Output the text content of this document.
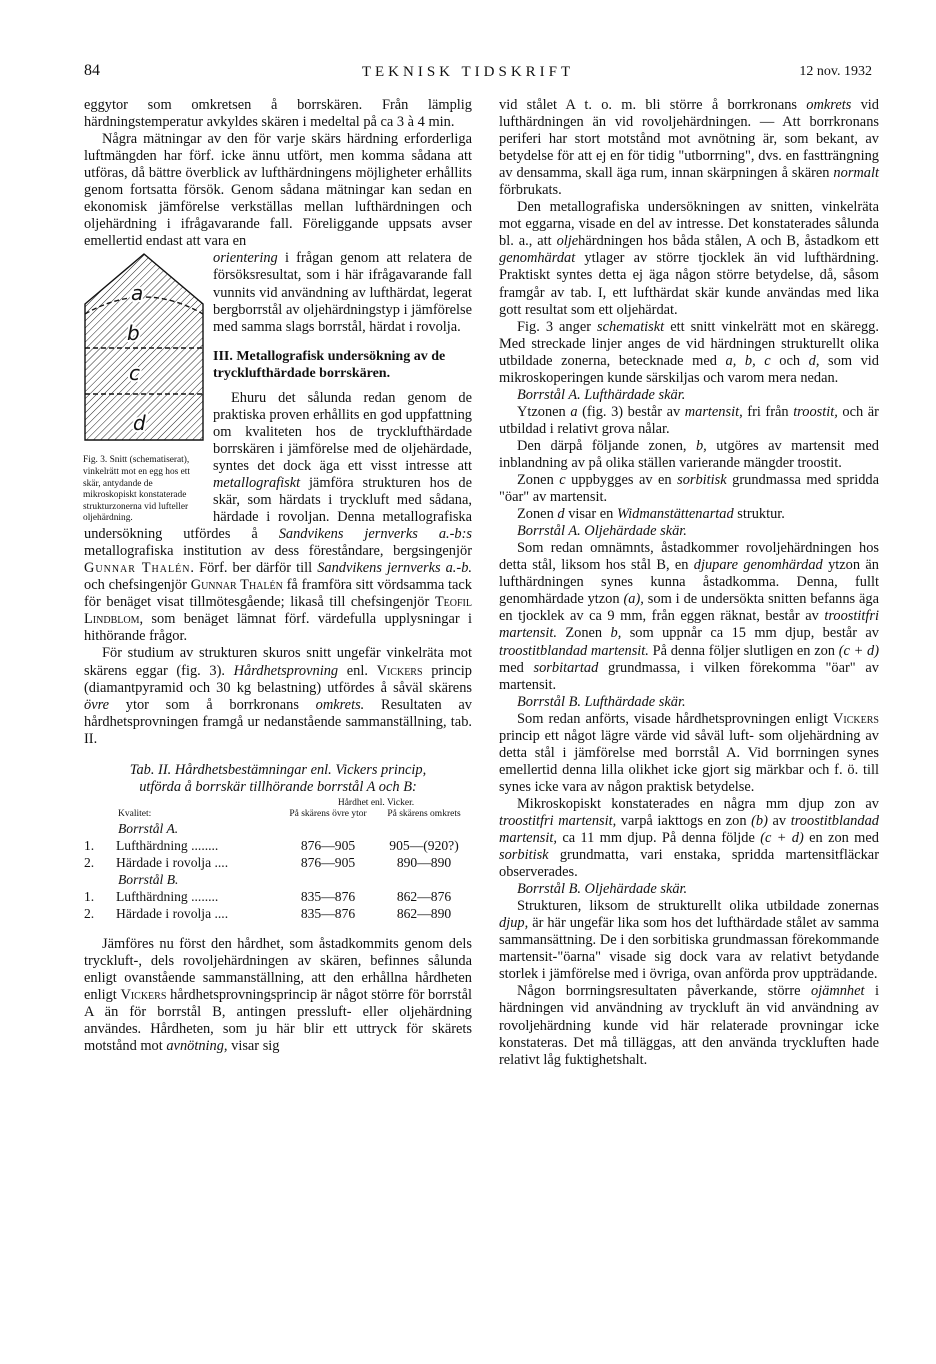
84	TEKNISK TIDSKRIFT	12 nov. 1932

eggytor som omkretsen å borrskären. Från lämplig härdningstemperatur avkyldes skären i medeltal på ca 3 à 4 min.

Några mätningar av den för varje skärs härdning erforderliga luftmängden har förf. icke ännu utfört, men komma sådana att utföras, då bättre överblick av lufthärdningens möjligheter erhållits genom fortsatta försök. Genom sådana mätningar kan sedan en ekonomisk jämförelse verkställas mellan lufthärdningen och oljehärdning i ifrågavarande fall. Föreliggande uppsats avser emellertid endast att vara en

a
b
c
d
Fig. 3. Snitt (schematiserat), vinkelrätt mot en egg hos ett skär, antydande de mikroskopiskt konstaterade strukturzonerna vid lufteller oljehärdning.
orientering i frågan genom att relatera de försöksresultat, som i här ifrågavarande fall vunnits vid användning av lufthärdat, legerat bergborrstål av oljehärdningstyp i jämförelse med samma slags borrstål, härdat i rovolja.

III. Metallografisk undersökning av de trycklufthärdade borrskären.

Ehuru det sålunda redan genom de praktiska proven erhållits en god uppfattning om kvaliteten hos de trycklufthärdade borrskären i jämförelse med de oljehärdade, syntes det dock äga ett visst intresse att metallografiskt jämföra strukturen hos de skär, som härdats i tryckluft med sådana, härdade i rovoljan. Denna metallografiska undersökning utfördes å Sandvikens jernverks a.-b:s metallografiska institution av dess föreståndare, bergsingenjör Gunnar Thalén. Förf. ber därför till Sandvikens jernverks a.-b. och chefsingenjör Gunnar Thalén få framföra sitt vördsamma tack för benäget visat tillmötesgående; likaså till chefsingenjör Teofil Lindblom, som benäget lämnat förf. värdefulla upplysningar i hithörande frågor.

För studium av strukturen skuros snitt ungefär vinkelräta mot skärens eggar (fig. 3). Hårdhetsprovning enl. Vickers princip (diamantpyramid och 30 kg belastning) utfördes å såväl skärens övre ytor som å borrkronans omkrets. Resultaten av hårdhetsprovningen framgå ur nedanstående sammanställning, tab. II.

Tab. II. Hårdhetsbestämningar enl. Vickers princip,
utförda å borrskär tillhörande borrstål A och B:

		Hårdhet enl. Vicker.	
Kvalitet:		På skärens övre ytor	På skärens omkrets
	Borrstål A.		
1.	Lufthärdning ........	876—905	905—(920?)
2.	Härdade i rovolja ....	876—905	890—890
	Borrstål B.		
1.	Lufthärdning ........	835—876	862—876
2.	Härdade i rovolja ....	835—876	862—890

Jämföres nu först den hårdhet, som åstadkommits genom dels tryckluft-, dels rovoljehärdningen av skären, befinnes sålunda enligt ovanstående sammanställning, att den erhållna hårdheten enligt Vickers hårdhetsprovningsprincip är något större för borrstål A än för borrstål B, antingen pressluft- eller oljehärdning användes. Hårdheten, som ju här blir ett uttryck för skärets motstånd mot avnötning, visar sig

vid stålet A t. o. m. bli större å borrkronans omkrets vid lufthärdningen än vid rovoljehärdningen. — Att borrkronans periferi har stort motstånd mot avnötning är, som bekant, av betydelse för att ej en för tidig "utborrning", dvs. en fastträngning av densamma, skall äga rum, innan skärpningen å skären normalt förbrukats.

Den metallografiska undersökningen av snitten, vinkelräta mot eggarna, visade en del av intresse. Det konstaterades sålunda bl. a., att oljehärdningen hos båda stålen, A och B, åstadkom ett genomhärdat ytlager av större tjocklek än vid lufthärdning. Praktiskt syntes detta ej äga någon större betydelse, då, såsom framgår av tab. I, ett lufthärdat skär kunde användas med lika gott resultat som ett oljehärdat.

Fig. 3 anger schematiskt ett snitt vinkelrätt mot en skäregg. Med streckade linjer anges de vid härdningen strukturellt olika utbildade zonerna, betecknade med a, b, c och d, som vid mikroskoperingen kunde särskiljas och varom mera nedan.

Borrstål A. Lufthärdade skär.

Ytzonen a (fig. 3) består av martensit, fri från troostit, och är utbildad i relativt grova nålar.

Den därpå följande zonen, b, utgöres av martensit med inblandning av på olika ställen varierande mängder troostit.

Zonen c uppbygges av en sorbitisk grundmassa med spridda "öar" av martensit.

Zonen d visar en Widmanstättenartad struktur.

Borrstål A. Oljehärdade skär.

Som redan omnämnts, åstadkommer rovoljehärdningen hos detta stål, liksom hos stål B, en djupare genomhärdad ytzon än lufthärdningen synes kunna åstadkomma. Denna, fullt genomhärdade ytzon (a), som i de undersökta snitten befanns äga en tjocklek av ca 9 mm, från eggen räknat, består av troostitfri martensit. Zonen b, som uppnår ca 15 mm djup, består av troostitblandad martensit. På denna följer slutligen en zon (c + d) med sorbitartad grundmassa, i vilken förekomma "öar" av martensit.

Borrstål B. Lufthärdade skär.

Som redan anförts, visade hårdhetsprovningen enligt Vickers princip ett något lägre värde vid såväl luft- som oljehärdning av detta stål i jämförelse med borrstål A. Vid borrningen synes emellertid denna lilla olikhet icke gjort sig märkbar och f. ö. till synes icke vara av någon praktisk betydelse.

Mikroskopiskt konstaterades en några mm djup zon av troostitfri martensit, varpå iakttogs en zon (b) av troostitblandad martensit, ca 11 mm djup. På denna följde (c + d) en zon med sorbitisk grundmatta, vari enstaka, spridda martensitfläckar observerades.

Borrstål B. Oljehärdade skär.

Strukturen, liksom de strukturellt olika utbildade zonernas djup, är här ungefär lika som hos det lufthärdade stålet av samma sammansättning. De i den sorbitiska grundmassan förekommande martensit-"öarna" visade sig dock vara av relativt betydande storlek i jämförelse med i övriga, ovan anförda prov uppträdande.

Någon borrningsresultaten påverkande, större ojämnhet i härdningen vid användning av tryckluft än vid användning av rovoljehärdning kunde vid här relaterade provningar icke konstateras. Det må tilläggas, att den använda tryckluften hade relativt låg fuktighetshalt.
